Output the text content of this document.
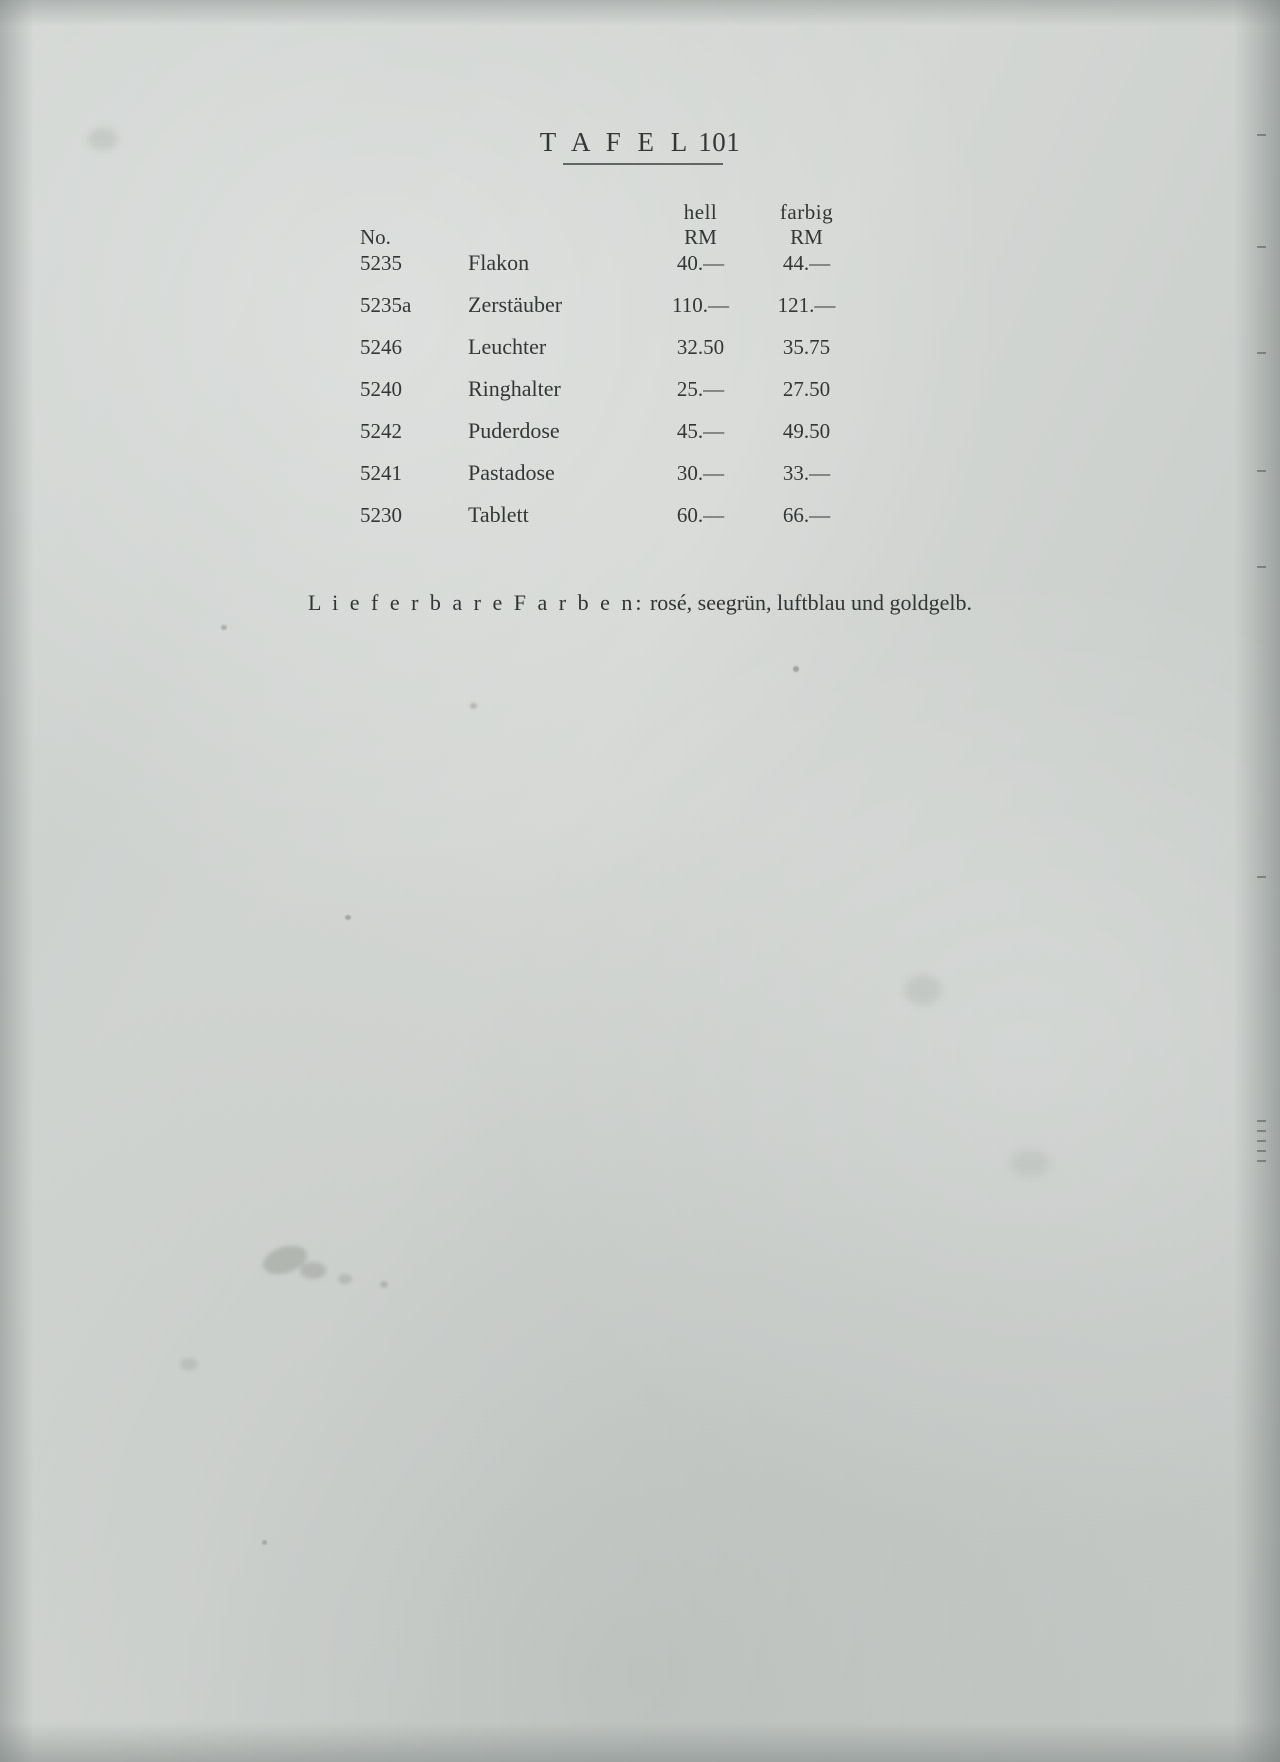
T A F E L 101
		hell	farbig
No.		RM	RM
5235	Flakon	40.—	44.—
5235a	Zerstäuber	110.—	121.—
5246	Leuchter	32.50	35.75
5240	Ringhalter	25.—	27.50
5242	Puderdose	45.—	49.50
5241	Pastadose	30.—	33.—
5230	Tablett	60.—	66.—
L i e f e r b a r e F a r b e n: rosé, seegrün, luftblau und goldgelb.
